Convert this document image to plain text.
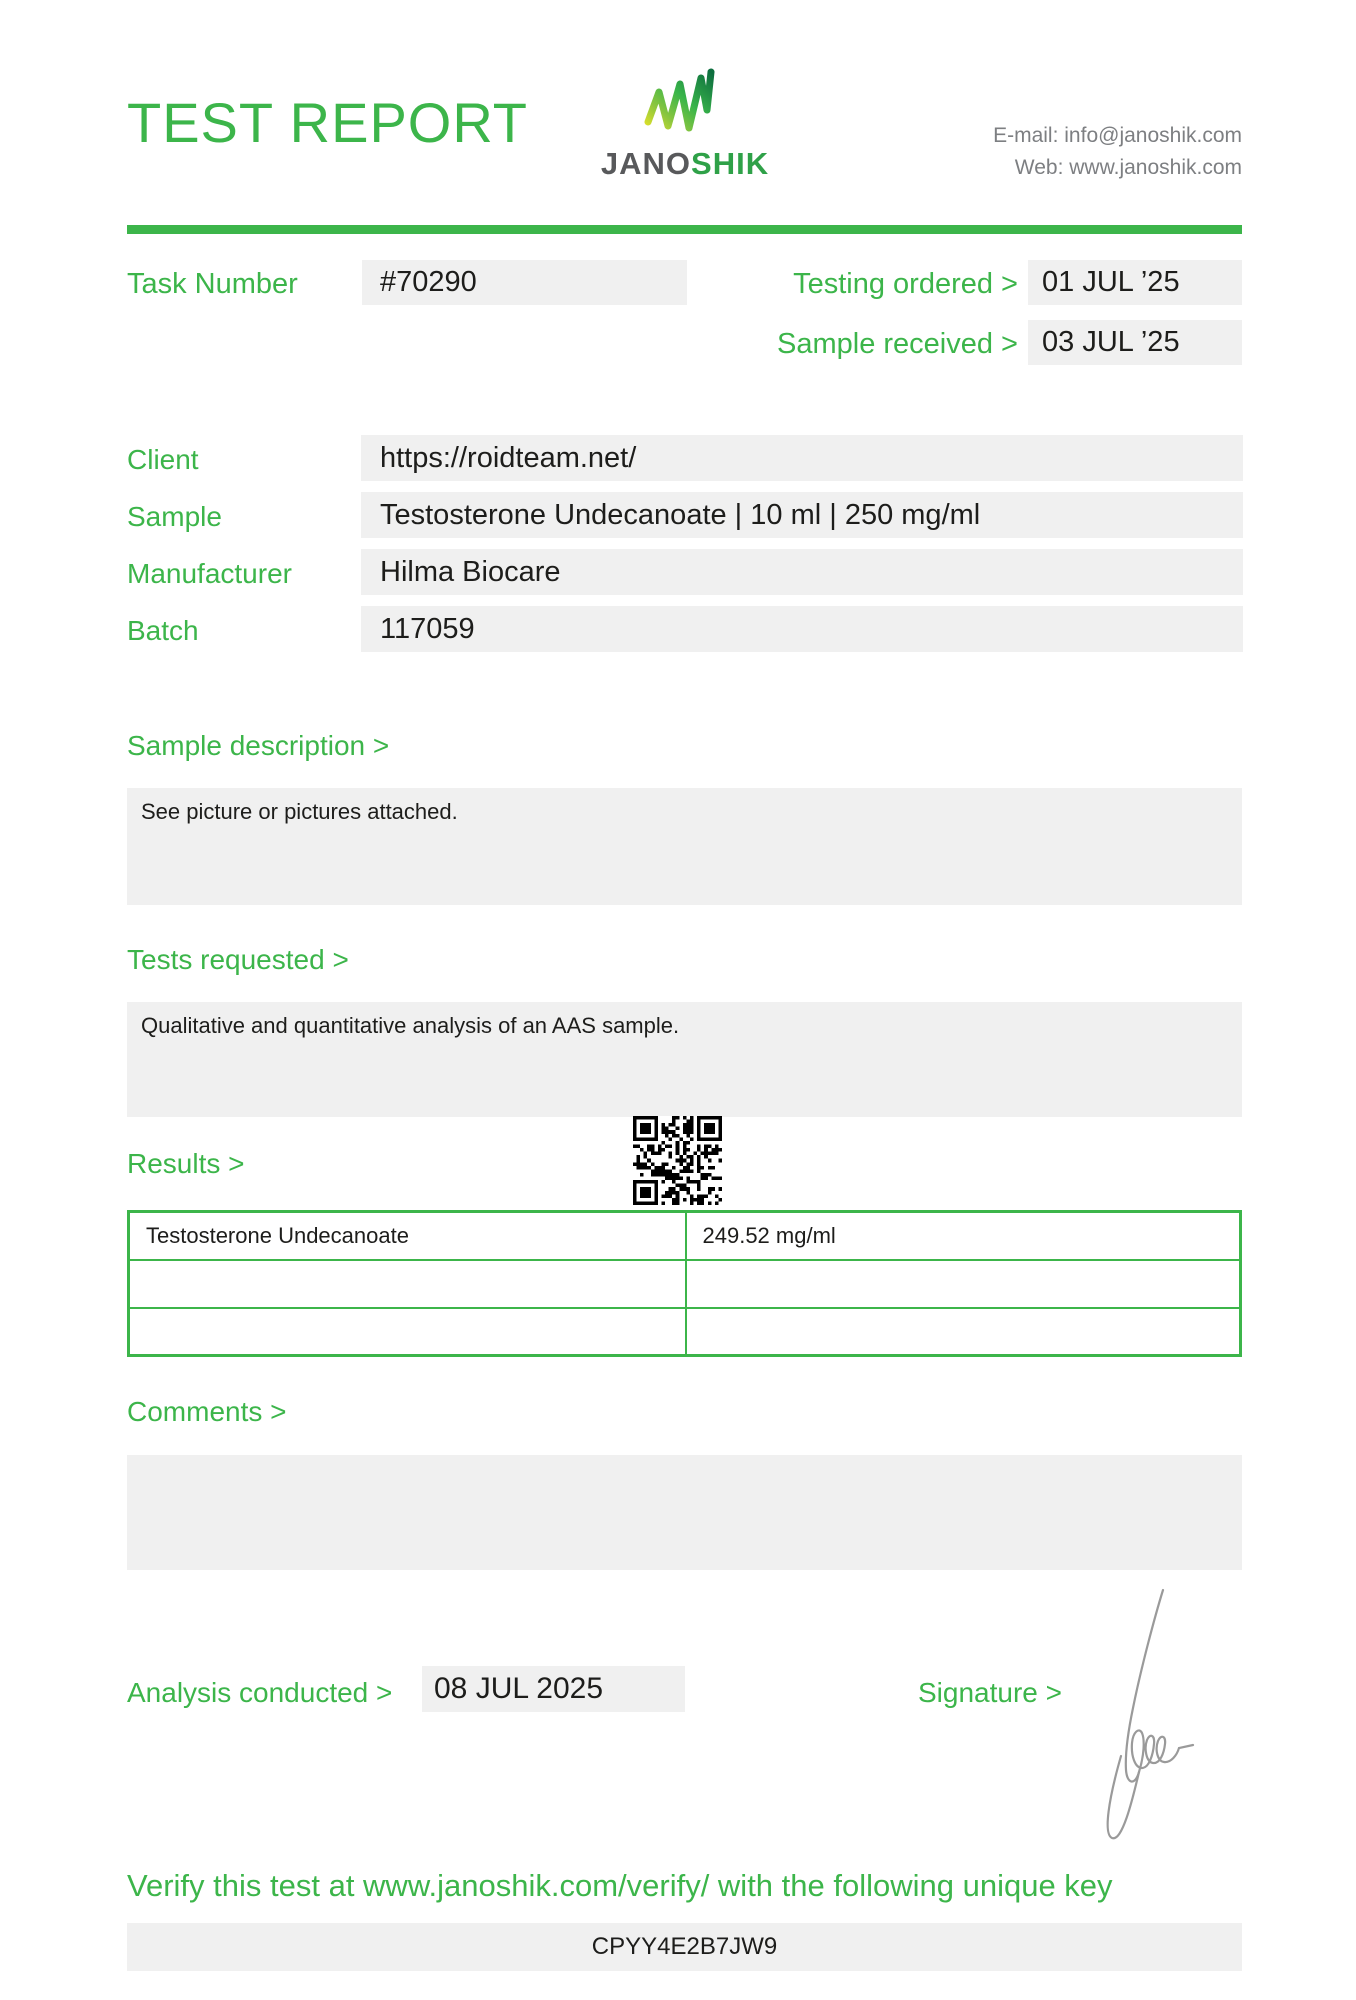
TEST REPORT
JANOSHIK
E-mail: info@janoshik.com
Web: www.janoshik.com
Task Number	#70290	Testing ordered > 01 JUL ’25
Sample received > 03 JUL ’25
Client	https://roidteam.net/
Sample	Testosterone Undecanoate | 10 ml | 250 mg/ml
Manufacturer	Hilma Biocare
Batch	117059
Sample description >
See picture or pictures attached.
Tests requested >
Qualitative and quantitative analysis of an AAS sample.
Results >
Testosterone Undecanoate	249.52 mg/ml

Comments >
Analysis conducted >	08 JUL 2025	Signature >
Verify this test at www.janoshik.com/verify/ with the following unique key
CPYY4E2B7JW9
